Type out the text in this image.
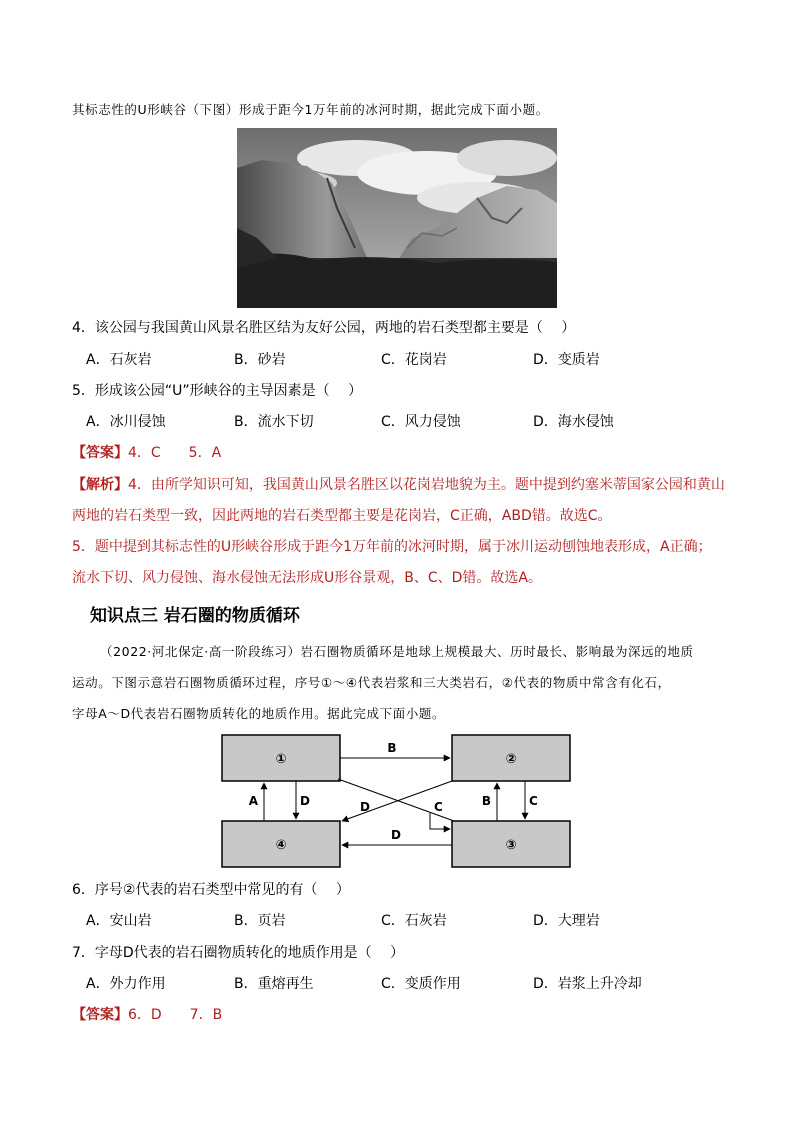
其标志性的U形峡谷（下图）形成于距今1万年前的冰河时期，据此完成下面小题。
4．该公园与我国黄山风景名胜区结为友好公园，两地的岩石类型都主要是（　 ）
A．石灰岩	B．砂岩	C．花岗岩	D．变质岩
5．形成该公园“U”形峡谷的主导因素是（　 ）
A．冰川侵蚀	B．流水下切	C．风力侵蚀	D．海水侵蚀
【答案】4．C　　5．A
【解析】4．由所学知识可知，我国黄山风景名胜区以花岗岩地貌为主。题中提到约塞米蒂国家公园和黄山
两地的岩石类型一致，因此两地的岩石类型都主要是花岗岩，C正确，ABD错。故选C。
5．题中提到其标志性的U形峡谷形成于距今1万年前的冰河时期，属于冰川运动刨蚀地表形成，A正确；
流水下切、风力侵蚀、海水侵蚀无法形成U形谷景观，B、C、D错。故选A。
知识点三 岩石圈的物质循环
（2022·河北保定·高一阶段练习）岩石圈物质循环是地球上规模最大、历时最长、影响最为深远的地质
运动。下图示意岩石圈物质循环过程，序号①～④代表岩浆和三大类岩石，②代表的物质中常含有化石，
字母A～D代表岩石圈物质转化的地质作用。据此完成下面小题。
①	②
③
④
B
A	D	D	C	B	C
D
6．序号②代表的岩石类型中常见的有（　 ）
A．安山岩	B．页岩	C．石灰岩	D．大理岩
7．字母D代表的岩石圈物质转化的地质作用是（　 ）
A．外力作用	B．重熔再生	C．变质作用	D．岩浆上升冷却
【答案】6．D　　7．B
